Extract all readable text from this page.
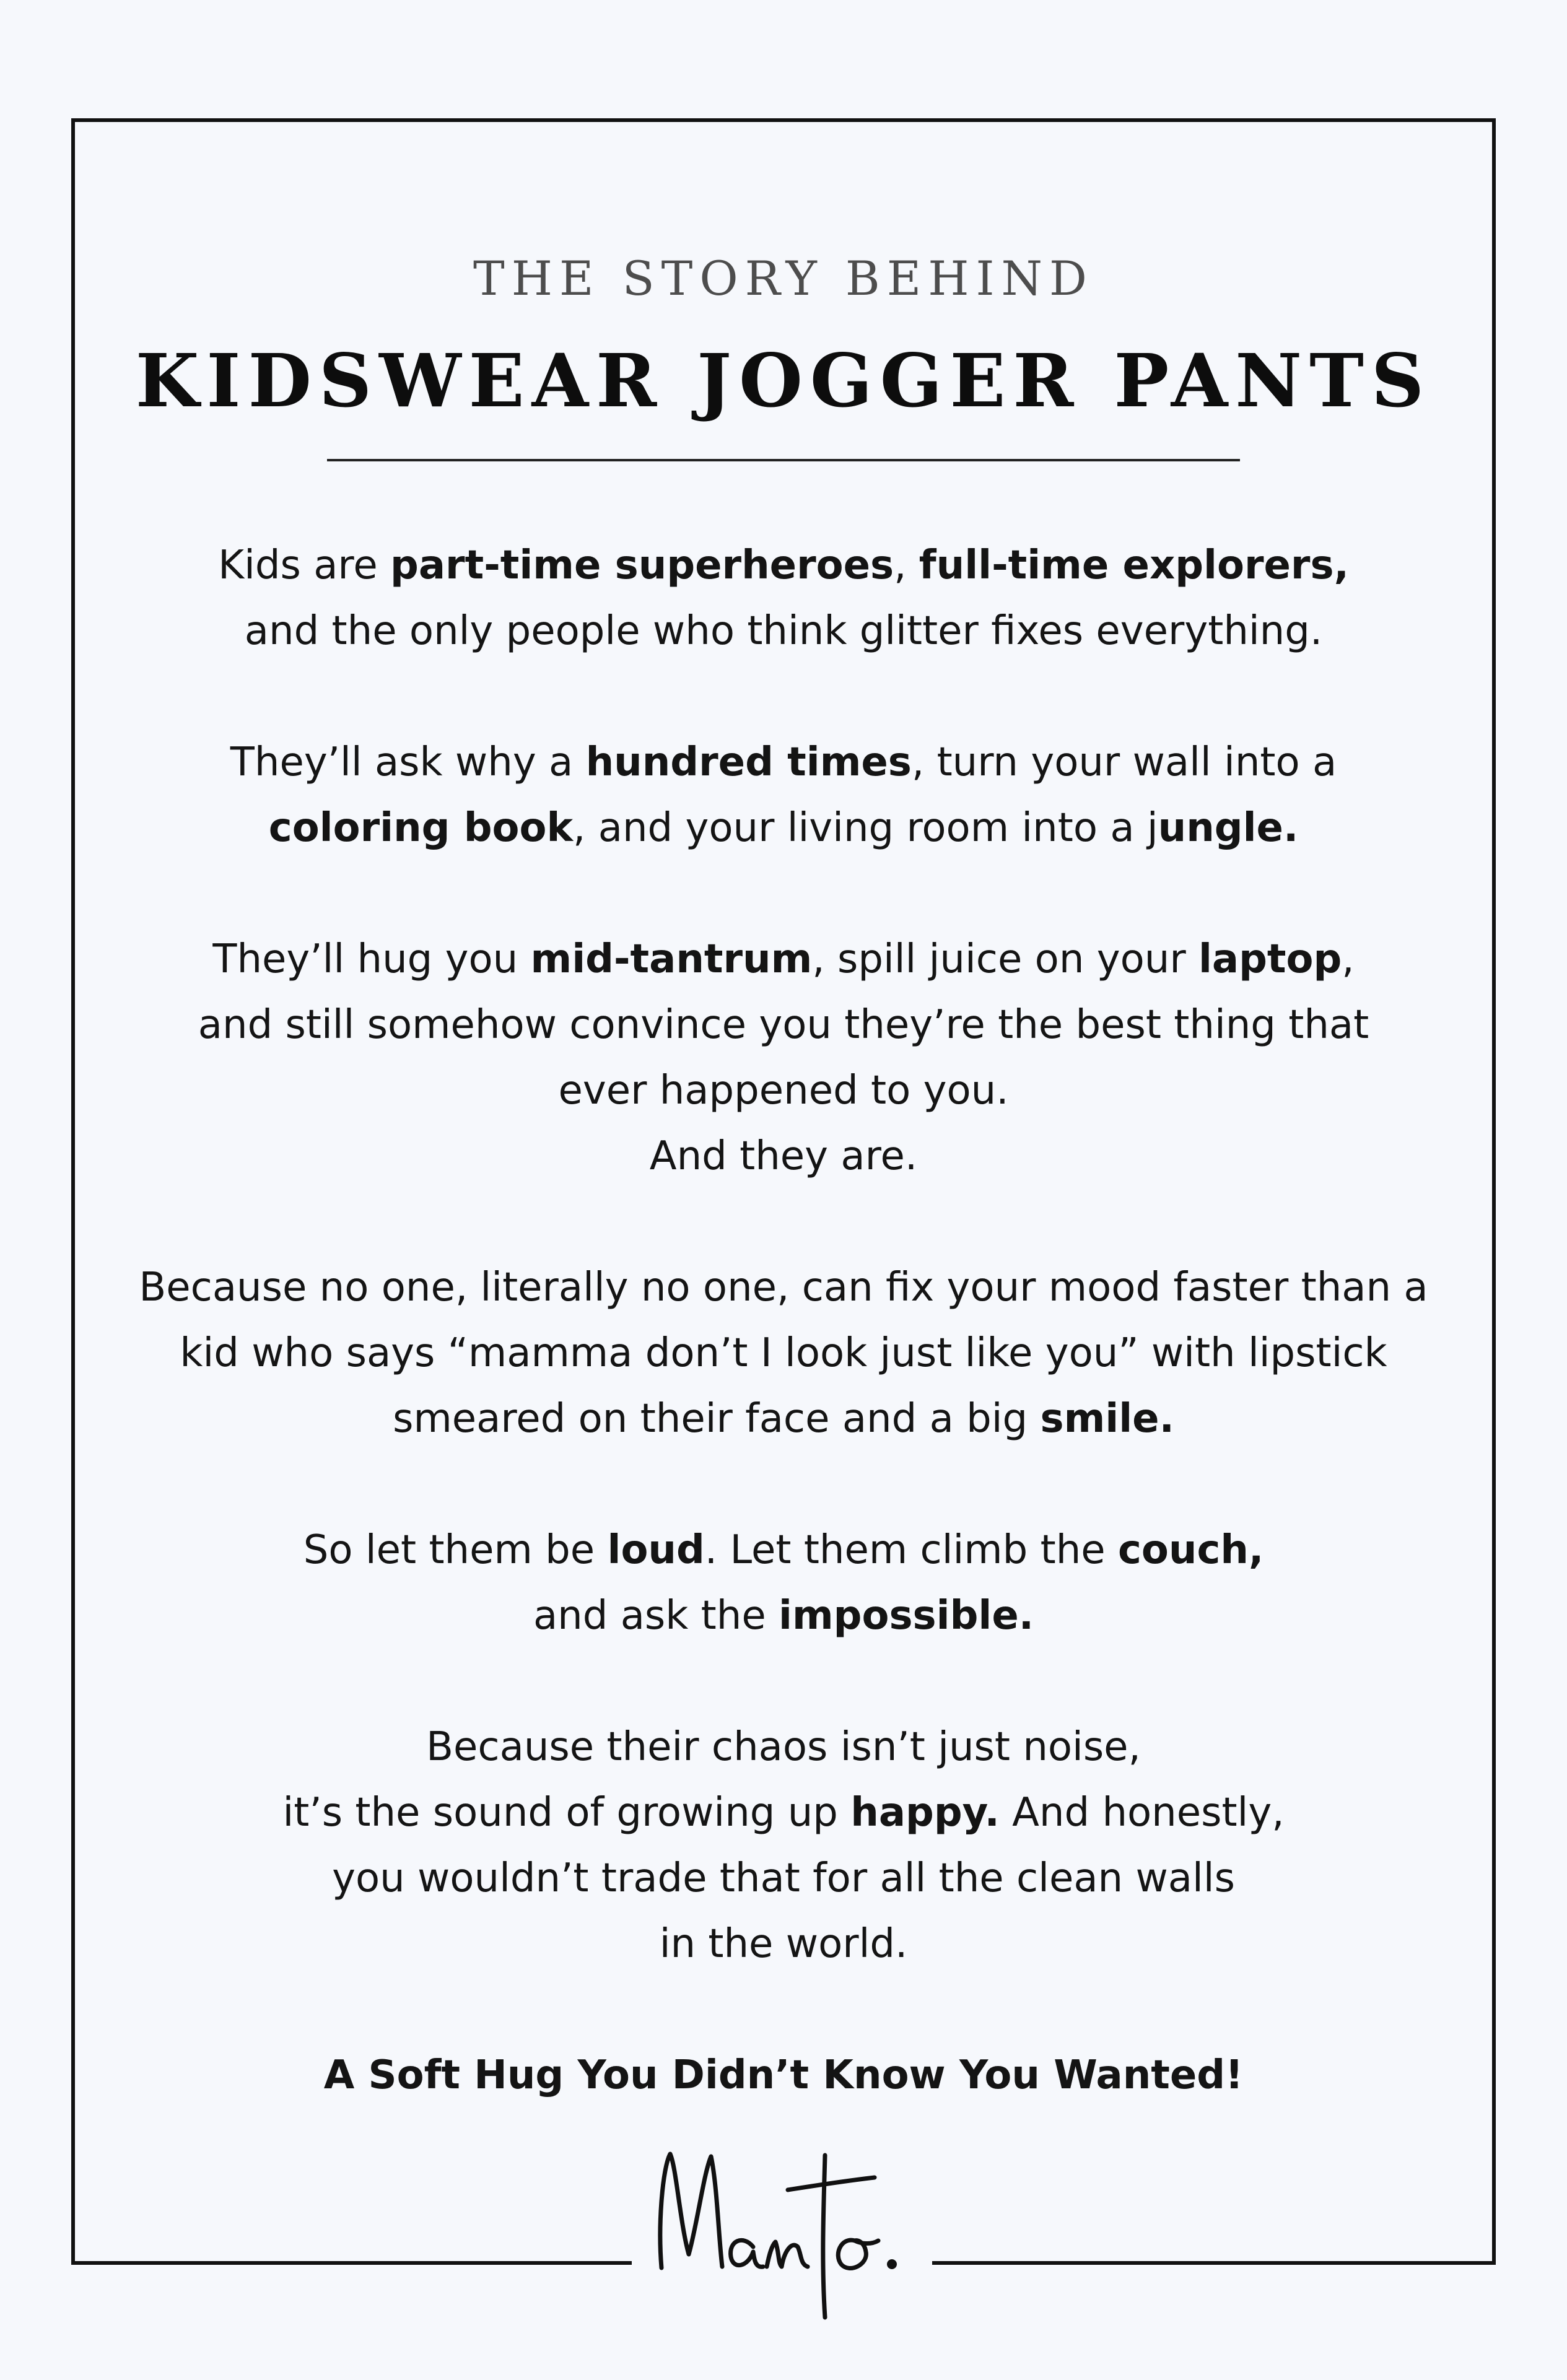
THE STORY BEHIND
KIDSWEAR JOGGER PANTS

Kids are part-time superheroes, full-time explorers,
and the only people who think glitter fixes everything.

They’ll ask why a hundred times, turn your wall into a
coloring book, and your living room into a jungle.

They’ll hug you mid-tantrum, spill juice on your laptop,
and still somehow convince you they’re the best thing that
ever happened to you.
And they are.

Because no one, literally no one, can fix your mood faster than a
kid who says “mamma don’t I look just like you” with lipstick
smeared on their face and a big smile.

So let them be loud. Let them climb the couch,
and ask the impossible.

Because their chaos isn’t just noise,
it’s the sound of growing up happy. And honestly,
you wouldn’t trade that for all the clean walls
in the world.

A Soft Hug You Didn’t Know You Wanted!
